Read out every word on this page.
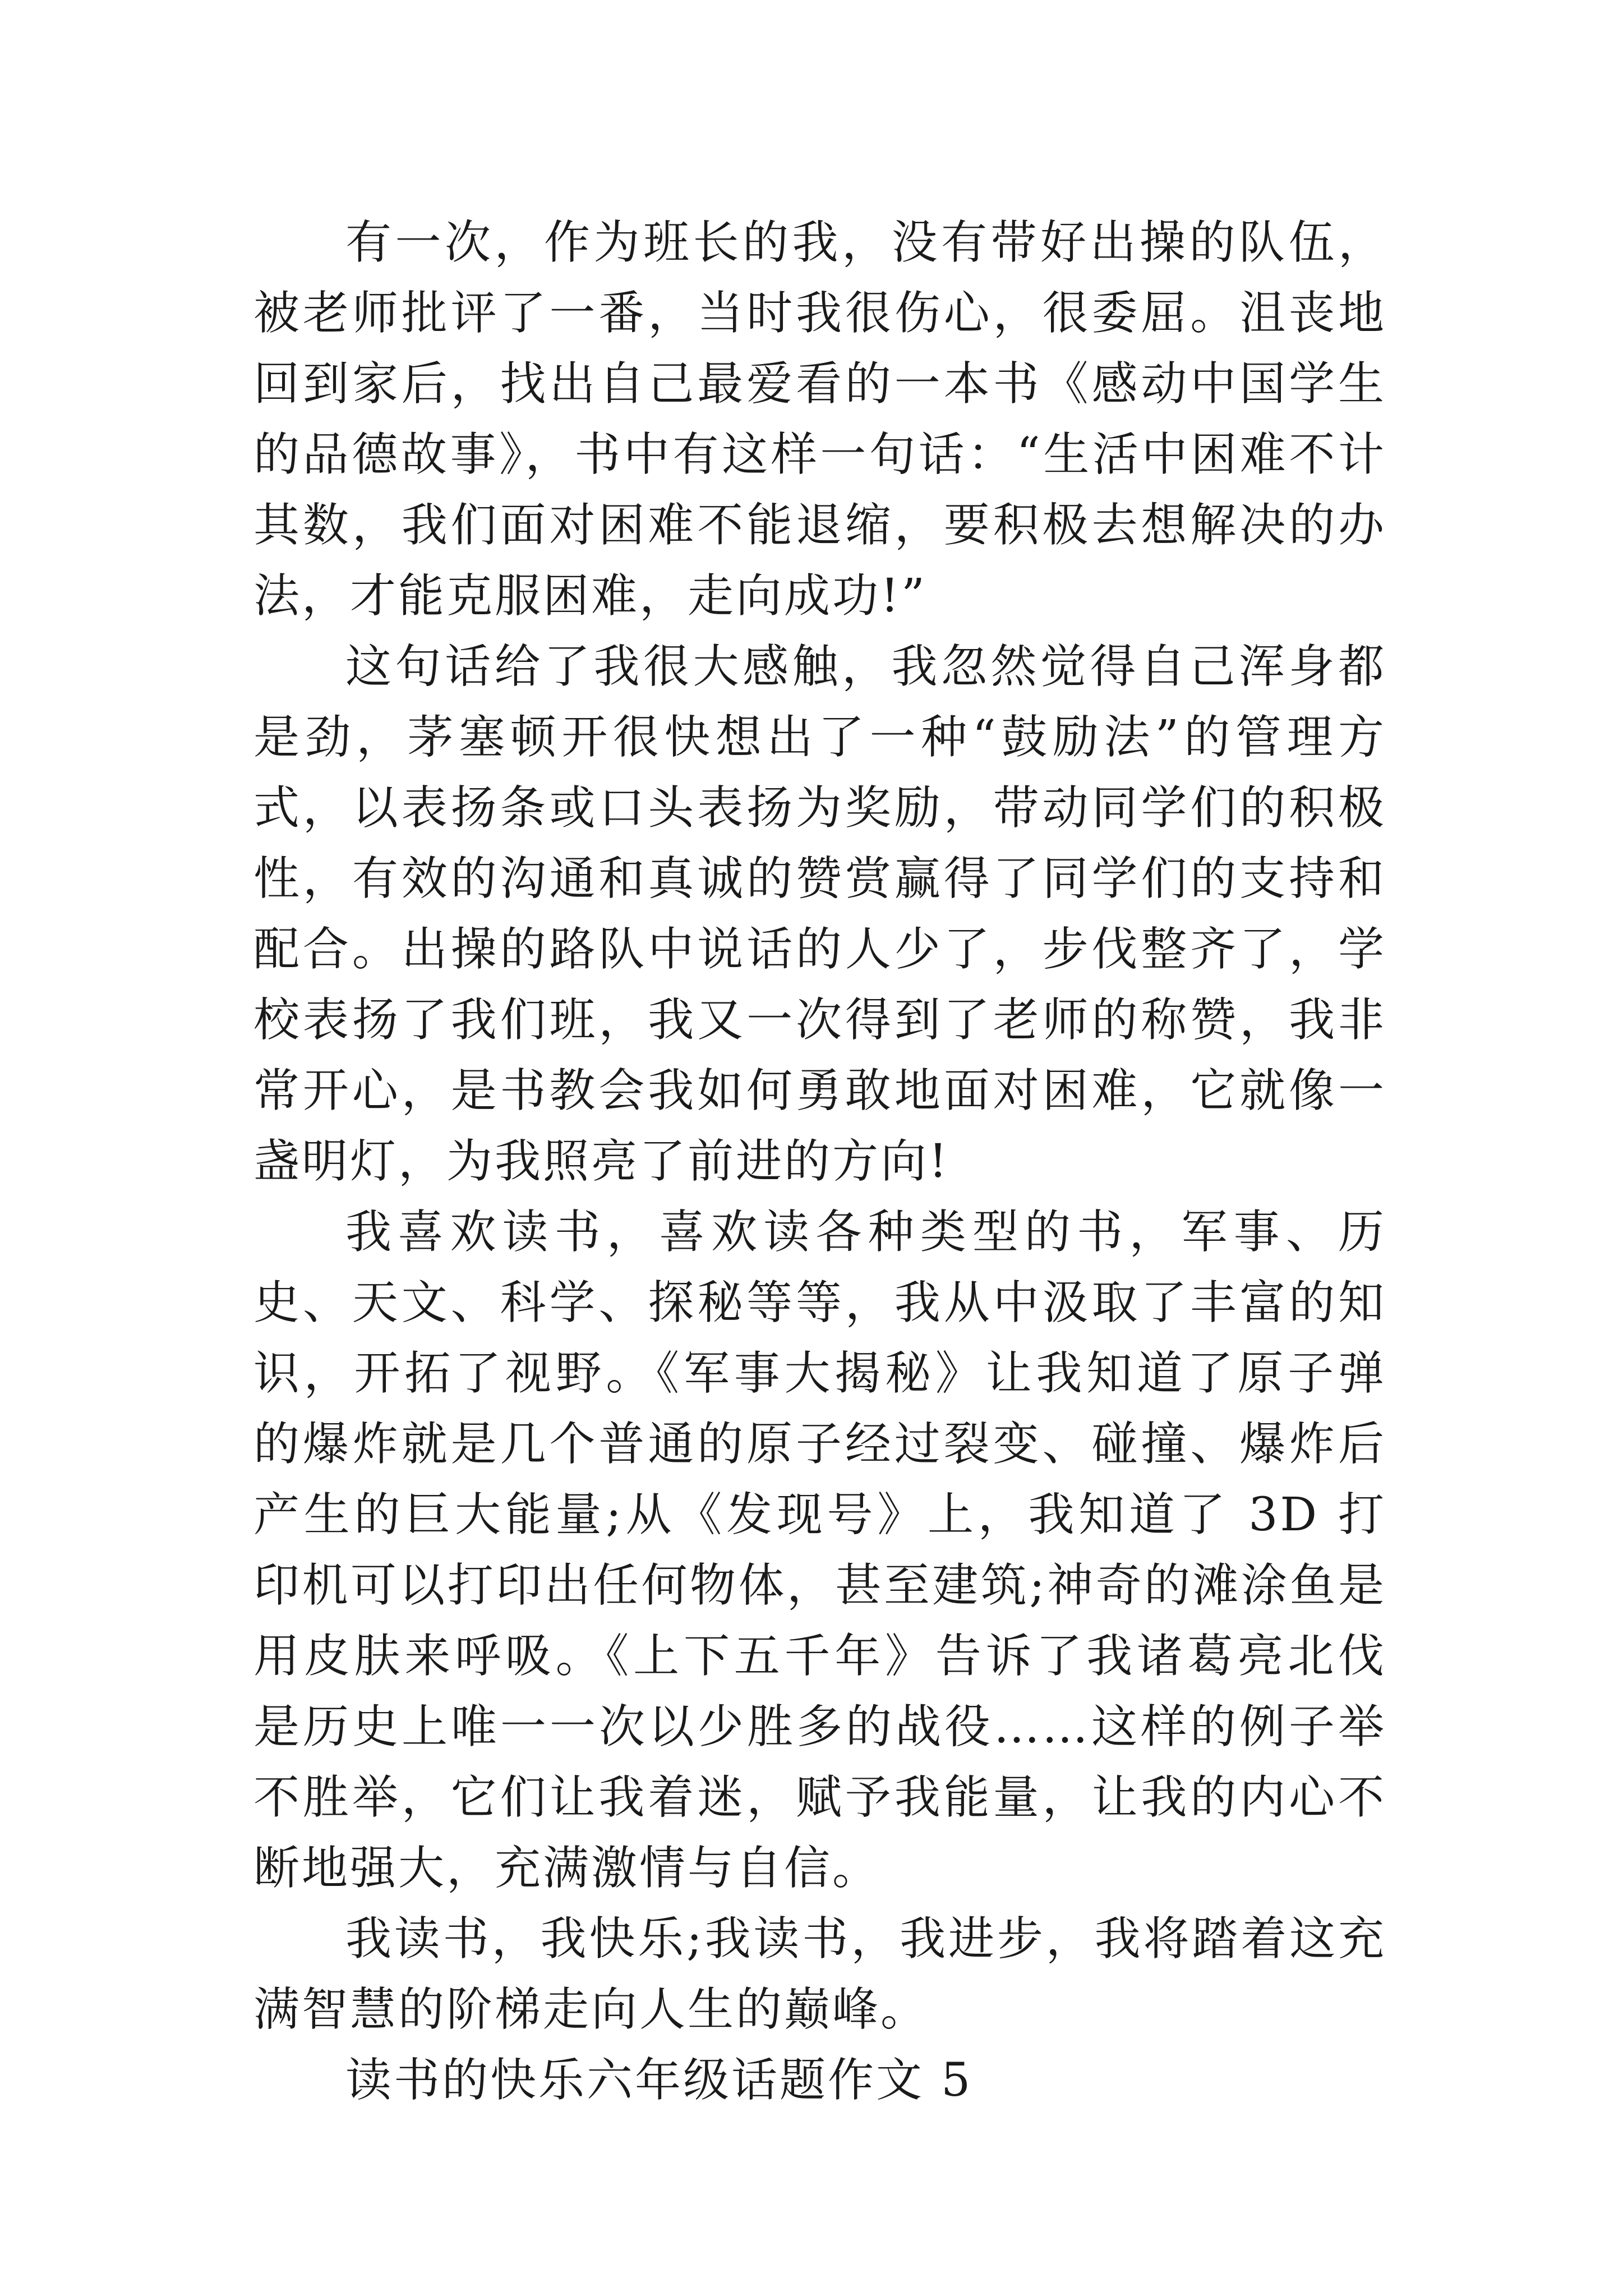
有一次，作为班长的我，没有带好出操的队伍，被老师批评了一番，当时我很伤心，很委屈。沮丧地回到家后，找出自己最爱看的一本书《感动中国学生的品德故事》，书中有这样一句话：“生活中困难不计其数，我们面对困难不能退缩，要积极去想解决的办法，才能克服困难，走向成功!”

这句话给了我很大感触，我忽然觉得自己浑身都是劲，茅塞顿开很快想出了一种“鼓励法”的管理方式，以表扬条或口头表扬为奖励，带动同学们的积极性，有效的沟通和真诚的赞赏赢得了同学们的支持和配合。出操的路队中说话的人少了，步伐整齐了，学校表扬了我们班，我又一次得到了老师的称赞，我非常开心，是书教会我如何勇敢地面对困难，它就像一盏明灯，为我照亮了前进的方向!

我喜欢读书，喜欢读各种类型的书，军事、历史、天文、科学、探秘等等，我从中汲取了丰富的知识，开拓了视野。《军事大揭秘》让我知道了原子弹的爆炸就是几个普通的原子经过裂变、碰撞、爆炸后产生的巨大能量;从《发现号》上，我知道了 3D 打印机可以打印出任何物体，甚至建筑;神奇的滩涂鱼是用皮肤来呼吸。《上下五千年》告诉了我诸葛亮北伐是历史上唯一一次以少胜多的战役……这样的例子举不胜举，它们让我着迷，赋予我能量，让我的内心不断地强大，充满激情与自信。

我读书，我快乐;我读书，我进步，我将踏着这充满智慧的阶梯走向人生的巅峰。

读书的快乐六年级话题作文 5
